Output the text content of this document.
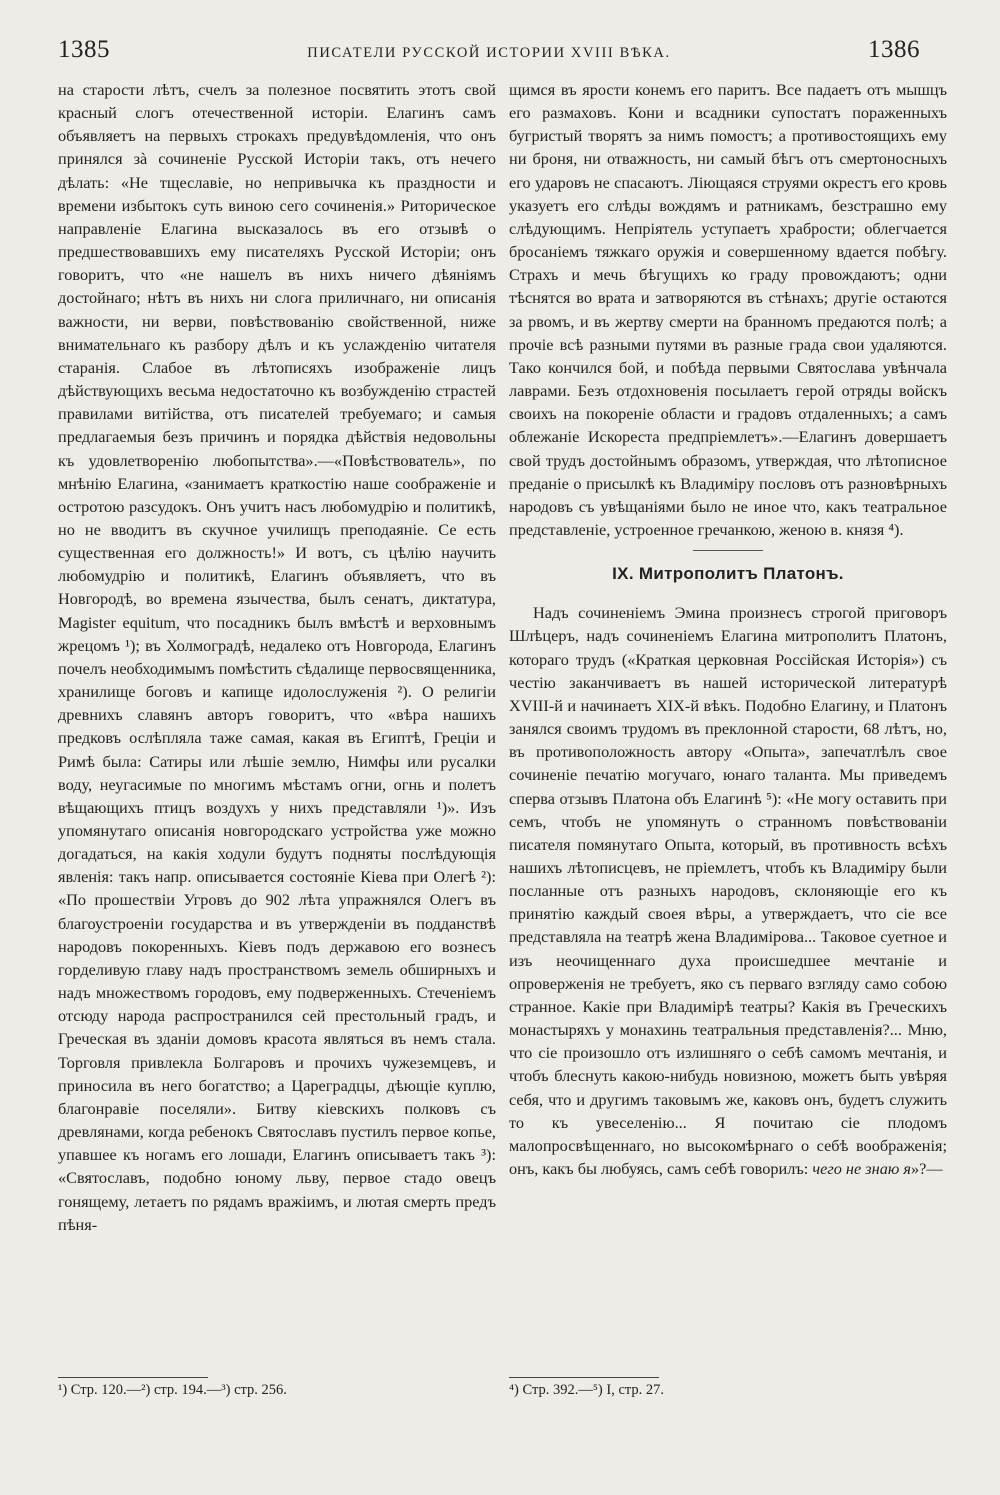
1385	ПИСАТЕЛИ РУССКОЙ ИСТОРИИ XVIII ВѢКА.	1386

на старости лѣтъ, счелъ за полезное посвятить этотъ свой красный слогъ отечественной исторіи. Елагинъ самъ объявляетъ на первыхъ строкахъ предувѣдомленія, что онъ принялся зà сочиненіе Русской Исторіи такъ, отъ нечего дѣлать: «Не тщеславіе, но непривычка къ праздности и времени избытокъ суть виною сего сочиненія.» Риторическое направленіе Елагина высказалось въ его отзывѣ о предшествовавшихъ ему писателяхъ Русской Исторіи; онъ говоритъ, что «не нашелъ въ нихъ ничего дѣяніямъ достойнаго; нѣтъ въ нихъ ни слога приличнаго, ни описанія важности, ни верви, повѣствованію свойственной, ниже внимательнаго къ разбору дѣлъ и къ услажденію читателя старанія. Слабое въ лѣтописяхъ изображеніе лицъ дѣйствующихъ весьма недостаточно къ возбужденію страстей правилами витійства, отъ писателей требуемаго; и самыя предлагаемыя безъ причинъ и порядка дѣйствія недовольны къ удовлетворенію любопытства».—«Повѣствователь», по мнѣнію Елагина, «занимаетъ краткостію наше соображеніе и остротою разсудокъ. Онъ учитъ насъ любомудрію и политикѣ, но не вводитъ въ скучное училищъ преподаяніе. Се есть существенная его должность!» И вотъ, съ цѣлію научить любомудрію и политикѣ, Елагинъ объявляетъ, что въ Новгородѣ, во времена язычества, былъ сенатъ, диктатура, Magister equitum, что посадникъ былъ вмѣстѣ и верховнымъ жрецомъ ¹); въ Холмоградѣ, недалеко отъ Новгорода, Елагинъ почелъ необходимымъ помѣстить сѣдалище первосвященника, хранилище боговъ и капище идолослуженія ²). О религіи древнихъ славянъ авторъ говоритъ, что «вѣра нашихъ предковъ ослѣпляла таже самая, какая въ Египтѣ, Греціи и Римѣ была: Сатиры или лѣшіе землю, Нимфы или русалки воду, неугасимые по многимъ мѣстамъ огни, огнь и полетъ вѣщающихъ птицъ воздухъ у нихъ представляли ¹)». Изъ упомянутаго описанія новгородскаго устройства уже можно догадаться, на какія ходули будутъ подняты послѣдующія явленія: такъ напр. описывается состояніе Кіева при Олегѣ ²): «По прошествіи Угровъ до 902 лѣта упражнялся Олегъ въ благоустроеніи государства и въ утвержденіи въ подданствѣ народовъ покоренныхъ. Кіевъ подъ державою его вознесъ горделивую главу надъ пространствомъ земель обширныхъ и надъ множествомъ городовъ, ему подверженныхъ. Стеченіемъ отсюду народа распространился сей престольный градъ, и Греческая въ зданіи домовъ красота являться въ немъ стала. Торговля привлекла Болгаровъ и прочихъ чужеземцевъ, и приносила въ него богатство; а Цареградцы, дѣющіе куплю, благонравіе поселяли». Битву кіевскихъ полковъ съ древлянами, когда ребенокъ Святославъ пустилъ первое копье, упавшее къ ногамъ его лошади, Елагинъ описываетъ такъ ³): «Святославъ, подобно юному льву, первое стадо овецъ гонящему, летаетъ по рядамъ вражіимъ, и лютая смерть предъ пѣня-

щимся въ ярости конемъ его паритъ. Все падаетъ отъ мышцъ его размаховъ. Кони и всадники супостатъ пораженныхъ бугристый творятъ за нимъ помостъ; а противостоящихъ ему ни броня, ни отважность, ни самый бѣгъ отъ смертоносныхъ его ударовъ не спасаютъ. Ліющаяся струями окрестъ его кровь указуетъ его слѣды вождямъ и ратникамъ, безстрашно ему слѣдующимъ. Непріятель уступаетъ храбрости; облегчается бросаніемъ тяжкаго оружія и совершенному вдается побѣгу. Страхъ и мечь бѣгущихъ ко граду провождаютъ; одни тѣснятся во врата и затворяются въ стѣнахъ; другіе остаются за рвомъ, и въ жертву смерти на бранномъ предаются полѣ; а прочіе всѣ разными путями въ разные града свои удаляются. Тако кончился бой, и побѣда первыми Святослава увѣнчала лаврами. Безъ отдохновенія посылаетъ герой отряды войскъ своихъ на покореніе области и градовъ отдаленныхъ; а самъ облежаніе Искореста предпріемлетъ».—Елагинъ довершаетъ свой трудъ достойнымъ образомъ, утверждая, что лѣтописное преданіе о присылкѣ къ Владиміру пословъ отъ разновѣрныхъ народовъ съ увѣщаніями было не иное что, какъ театральное представленіе, устроенное гречанкою, женою в. князя ⁴).

IX. Митрополитъ Платонъ.

Надъ сочиненіемъ Эмина произнесъ строгой приговоръ Шлѣцеръ, надъ сочиненіемъ Елагина митрополитъ Платонъ, котораго трудъ («Краткая церковная Россійская Исторія») съ честію заканчиваетъ въ нашей исторической литературѣ XVIII-й и начинаетъ XIX-й вѣкъ. Подобно Елагину, и Платонъ занялся своимъ трудомъ въ преклонной старости, 68 лѣтъ, но, въ противоположность автору «Опыта», запечатлѣлъ свое сочиненіе печатію могучаго, юнаго таланта. Мы приведемъ сперва отзывъ Платона объ Елагинѣ ⁵): «Не могу оставить при семъ, чтобъ не упомянуть о странномъ повѣствованіи писателя помянутаго Опыта, который, въ противность всѣхъ нашихъ лѣтописцевъ, не пріемлетъ, чтобъ къ Владиміру были посланные отъ разныхъ народовъ, склоняющіе его къ принятію каждый своея вѣры, а утверждаетъ, что сіе все представляла на театрѣ жена Владимірова... Таковое суетное и изъ неочищеннаго духа происшедшее мечтаніе и опроверженія не требуетъ, яко съ перваго взгляду само собою странное. Какіе при Владимірѣ театры? Какія въ Греческихъ монастыряхъ у монахинь театральныя представленія?... Мню, что сіе произошло отъ излишняго о себѣ самомъ мечтанія, и чтобъ блеснуть какою-нибудь новизною, можетъ быть увѣряя себя, что и другимъ таковымъ же, каковъ онъ, будетъ служить то къ увеселенію... Я почитаю сіе плодомъ малопросвѣщеннаго, но высокомѣрнаго о себѣ воображенія; онъ, какъ бы любуясь, самъ себѣ говорилъ: чего не знаю я»?—

¹) Стр. 120.—²) стр. 194.—³) стр. 256.	⁴) Стр. 392.—⁵) I, стр. 27.
